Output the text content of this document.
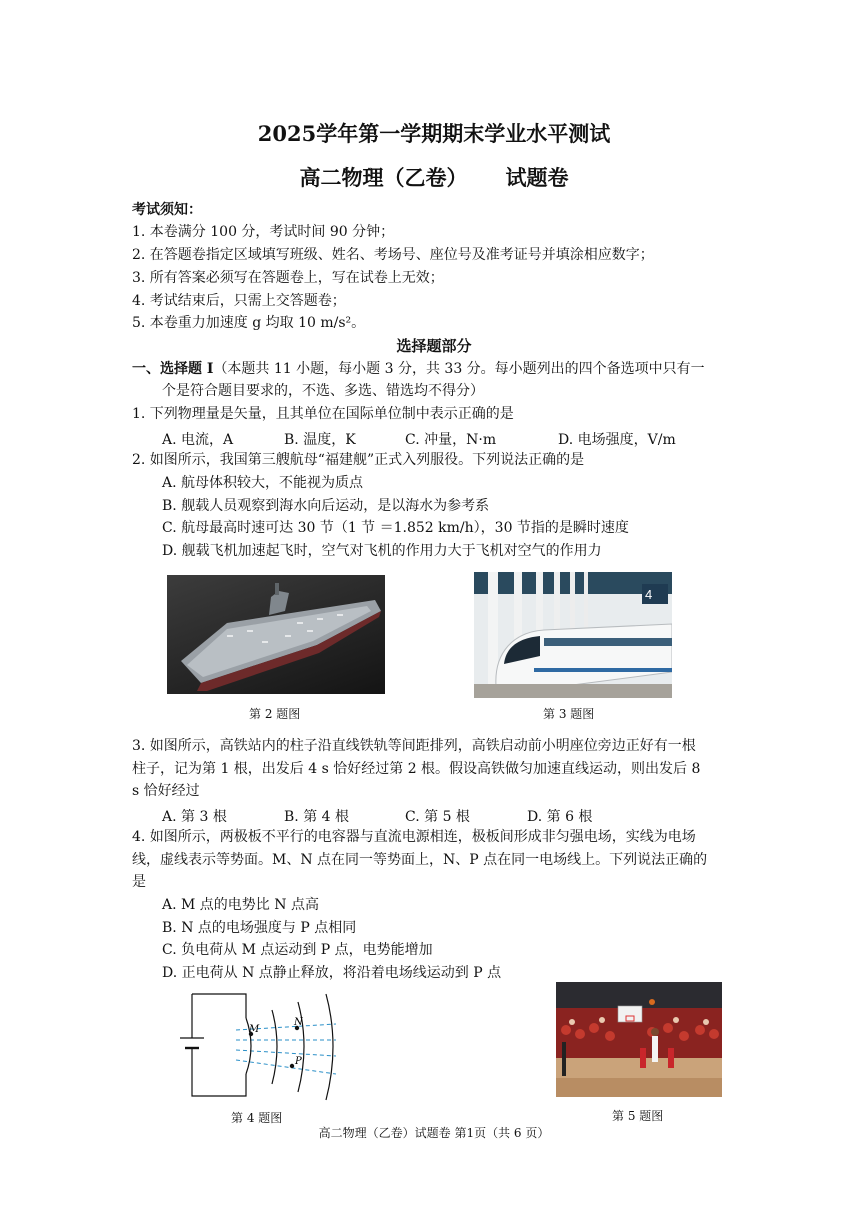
2025学年第一学期期末学业水平测试
高二物理（乙卷） 试题卷
考试须知：
1. 本卷满分 100 分，考试时间 90 分钟；
2. 在答题卷指定区域填写班级、姓名、考场号、座位号及准考证号并填涂相应数字；
3. 所有答案必须写在答题卷上，写在试卷上无效；
4. 考试结束后，只需上交答题卷；
5. 本卷重力加速度 g 均取 10 m/s²。
选择题部分
一、选择题 I（本题共 11 小题，每小题 3 分，共 33 分。每小题列出的四个备选项中只有一
个是符合题目要求的，不选、多选、错选均不得分）
1. 下列物理量是矢量，且其单位在国际单位制中表示正确的是
A. 电流，A	B. 温度，K	C. 冲量，N·m	D. 电场强度，V/m
2. 如图所示，我国第三艘航母“福建舰”正式入列服役。下列说法正确的是
A. 航母体积较大，不能视为质点
B. 舰载人员观察到海水向后运动，是以海水为参考系
C. 航母最高时速可达 30 节（1 节 ＝1.852 km/h），30 节指的是瞬时速度
D. 舰载飞机加速起飞时，空气对飞机的作用力大于飞机对空气的作用力
第 2 题图
4
第 3 题图
3. 如图所示，高铁站内的柱子沿直线铁轨等间距排列，高铁启动前小明座位旁边正好有一根
柱子，记为第 1 根，出发后 4 s 恰好经过第 2 根。假设高铁做匀加速直线运动，则出发后 8
s 恰好经过
A. 第 3 根	B. 第 4 根	C. 第 5 根	D. 第 6 根
4. 如图所示，两极板不平行的电容器与直流电源相连，极板间形成非匀强电场，实线为电场
线，虚线表示等势面。M、N 点在同一等势面上，N、P 点在同一电场线上。下列说法正确的
是
A. M 点的电势比 N 点高
B. N 点的电场强度与 P 点相同
C. 负电荷从 M 点运动到 P 点，电势能增加
D. 正电荷从 N 点静止释放，将沿着电场线运动到 P 点
M
N
P
第 4 题图	第 5 题图
高二物理（乙卷）试题卷 第1页（共 6 页）
